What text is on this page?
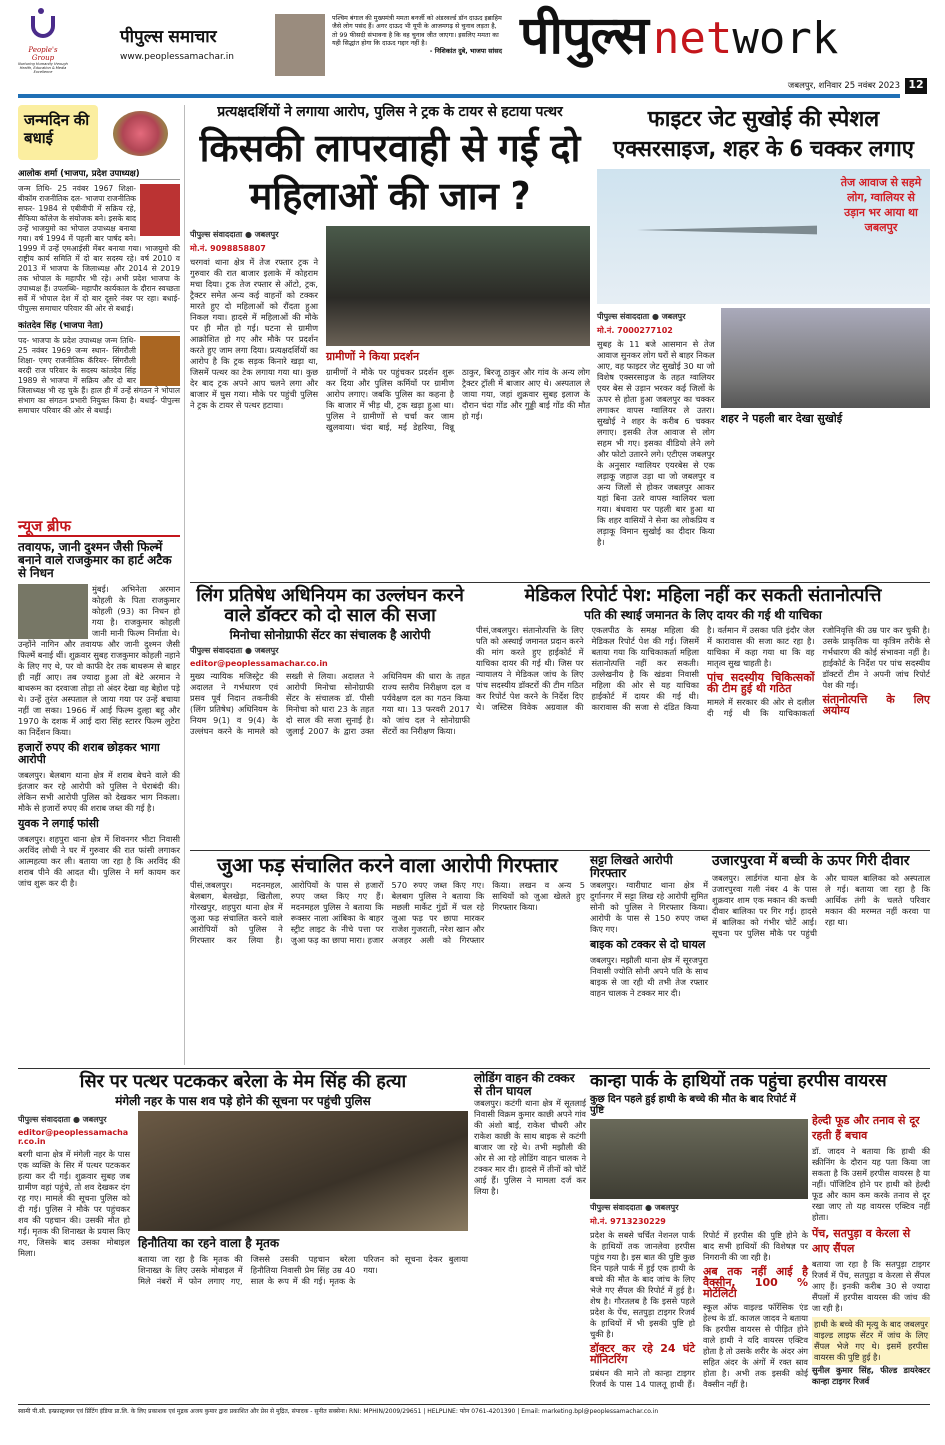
People's Group
Nurturing Humanity through Health, Education & Media Excellence
पीपुल्स समाचार
www.peoplessamachar.in
पश्चिम बंगाल की मुख्यमंत्री ममता बनर्जी को अंडरवर्ल्ड डॉन दाऊद इब्राहिम जैसे लोग पसंद हैं। अगर दाऊद भी यूपी के आजमगढ़ से चुनाव लड़ता है, तो 99 फीसदी संभावना है कि वह चुनाव जीत जाएगा। इसलिए ममता का यही सिद्धांत होगा कि दाऊद गद्दार नहीं है।
- निशिकांत दुबे, भाजपा सांसद पीपुल्स network
जबलपुर, शनिवार 25 नवंबर 2023 12
जन्मदिन की बधाई
आलोक शर्मा (भाजपा, प्रदेश उपाध्यक्ष)
जन्म तिथि- 25 नवंबर 1967 शिक्षा- बीकॉम राजनीतिक दल- भाजपा राजनीतिक सफर- 1984 से एबीवीपी में सक्रिय रहे, सैफिया कॉलेज के संयोजक बने। इसके बाद उन्हें भाजयुमो का भोपाल उपाध्यक्ष बनाया गया। वर्ष 1994 में पहली बार पार्षद बने। 1999 में उन्हें एमआईसी मेंबर बनाया गया। भाजयुमो की राष्ट्रीय कार्य समिति में दो बार सदस्य रहे। वर्ष 2010 व 2013 में भाजपा के जिलाध्यक्ष और 2014 से 2019 तक भोपाल के महापौर भी रहे। अभी प्रदेश भाजपा के उपाध्यक्ष हैं। उपलब्धि- महापौर कार्यकाल के दौरान स्वच्छता सर्वे में भोपाल देश में दो बार दूसरे नंबर पर रहा। बधाई- पीपुल्स समाचार परिवार की ओर से बधाई।
कांतदेव सिंह (भाजपा नेता)
पद- भाजपा के प्रदेश उपाध्यक्ष जन्म तिथि- 25 नवंबर 1969 जन्म स्थान- सिंगरौली शिक्षा- एमए राजनीतिक कॅरियर- सिंगरौली बरदी राज परिवार के सदस्य कांतदेव सिंह 1989 से भाजपा में सक्रिय और दो बार जिलाध्यक्ष भी रह चुके हैं। हाल ही में उन्हें संगठन ने भोपाल संभाग का संगठन प्रभारी नियुक्त किया है। बधाई- पीपुल्स समाचार परिवार की ओर से बधाई।
न्यूज ब्रीफ
तवायफ, जानी दुश्मन जैसी फिल्में बनाने वाले राजकुमार का हार्ट अटैक से निधन
मुंबई। अभिनेता अरमान कोहली के पिता राजकुमार कोहली (93) का निधन हो गया है। राजकुमार कोहली जानी मानी फिल्म निर्माता थे। उन्होंने नागिन और तवायफ और जानी दुश्मन जैसी फिल्में बनाई थीं। शुक्रवार सुबह राजकुमार कोहली नहाने के लिए गए थे, पर वो काफी देर तक बाथरूम से बाहर ही नहीं आए। तब ज्यादा हुआ तो बेटे अरमान ने बाथरूम का दरवाजा तोड़ा तो अंदर देखा वह बेहोश पड़े थे। उन्हें तुरंत अस्पताल ले जाया गया पर उन्हें बचाया नहीं जा सका। 1966 में आई फिल्म दुल्हा बहू और 1970 के दशक में आई दारा सिंह स्टारर फिल्म लुटेरा का निर्देशन किया।
हजारों रुपए की शराब छोड़कर भागा आरोपी
जबलपुर। बेलबाग थाना क्षेत्र में शराब बेचने वाले की इंतजार कर रहे आरोपी को पुलिस ने घेराबंदी की। लेकिन सभी आरोपी पुलिस को देखकर भाग निकला। मौके से हजारों रुपए की शराब जब्त की गई है।
युवक ने लगाई फांसी
जबलपुर। शहपुरा थाना क्षेत्र में शिवनगर भीटा निवासी अरविंद लोधी ने घर में गुरुवार की रात फांसी लगाकर आत्महत्या कर ली। बताया जा रहा है कि अरविंद की शराब पीने की आदत थी। पुलिस ने मर्ग कायम कर जांच शुरू कर दी है।
प्रत्यक्षदर्शियों ने लगाया आरोप, पुलिस ने ट्रक के टायर से हटाया पत्थर
किसकी लापरवाही से गई दो महिलाओं की जान ?
पीपुल्स संवाददाता ● जबलपुर
मो.नं. 9098858807
चरगवां थाना क्षेत्र में तेज रफ्तार ट्रक ने गुरुवार की रात बाजार इलाके में कोहराम मचा दिया। ट्रक तेज रफ्तार से ऑटो, ट्रक, ट्रैक्टर समेत अन्य कई वाहनों को टक्कर मारते हुए दो महिलाओं को रौंदता हुआ निकल गया। हादसे में महिलाओं की मौके पर ही मौत हो गई। घटना से ग्रामीण आक्रोशित हो गए और मौके पर प्रदर्शन करते हुए जाम लगा दिया। प्रत्यक्षदर्शियों का आरोप है कि ट्रक सड़क किनारे खड़ा था, जिसमें पत्थर का टेक लगाया गया था। कुछ देर बाद ट्रक अपने आप चलने लगा और बाजार में घुस गया। मौके पर पहुंची पुलिस ने ट्रक के टायर से पत्थर हटाया।
ग्रामीणों ने किया प्रदर्शन
ग्रामीणों ने मौके पर पहुंचकर प्रदर्शन शुरू कर दिया और पुलिस कर्मियों पर ग्रामीण आरोप लगाए। जबकि पुलिस का कहना है कि बाजार में भीड़ थी, ट्रक खड़ा हुआ था। पुलिस ने ग्रामीणों से चर्चा कर जाम खुलवाया। चंदा बाई, मई डेहरिया, विन्नू ठाकुर, बिरजू ठाकुर और गांव के अन्य लोग ट्रैक्टर ट्रॉली में बाजार आए थे। अस्पताल ले जाया गया, जहां शुक्रवार सुबह इलाज के दौरान चंदा गोंड और गुड्डी बाई गोंड की मौत हो गई।
फाइटर जेट सुखोई की स्पेशल एक्सरसाइज, शहर के 6 चक्कर लगाए
तेज आवाज से सहमे लोग, ग्वालियर से उड़ान भर आया था जबलपुर
पीपुल्स संवाददाता ● जबलपुर
मो.नं. 7000277102
सुबह के 11 बजे आसमान से तेज आवाज सुनकर लोग घरों से बाहर निकल आए, वह फाइटर जेट सुखोई 30 था जो विशेष एक्सरसाइज के तहत ग्वालियर एयर बेस से उड़ान भरकर कई जिलों के ऊपर से होता हुआ जबलपुर का चक्कर लगाकर वापस ग्वालियर ले उतरा। सुखोई ने शहर के करीब 6 चक्कर लगाए। इसकी तेज आवाज से लोग सहम भी गए। इसका वीडियो लेने लगे और फोटो उतारने लगे। एटीएस जबलपुर के अनुसार ग्वालियर एयरबेस से एक लड़ाकू जहाज उड़ा था जो जबलपुर व अन्य जिलों से होकर जबलपुर आकर यहां बिना उतरे वापस ग्वालियर चला गया। बंधवारा पर पहली बार हुआ था कि शहर वासियों ने सेना का लोकप्रिय व लड़ाकू विमान सुखोई का दीदार किया है।
शहर ने पहली बार देखा सुखोई
लिंग प्रतिषेध अधिनियम का उल्लंघन करने वाले डॉक्टर को दो साल की सजा
मिनोचा सोनोग्राफी सेंटर का संचालक है आरोपी
पीपुल्स संवाददाता ● जबलपुर
editor@peoplessamachar.co.in
मुख्य न्यायिक मजिस्ट्रेट की अदालत ने गर्भधारण एवं प्रसव पूर्व निदान तकनीकी (लिंग प्रतिषेध) अधिनियम के नियम 9(1) व 9(4) के उल्लंघन करने के मामले को सख्ती से लिया। अदालत ने आरोपी मिनोचा सोनोग्राफी सेंटर के संचालक डॉ. पीसी मिनोचा को धारा 23 के तहत दो साल की सजा सुनाई है। जुलाई 2007 के द्वारा उक्त अधिनियम की धारा के तहत राज्य स्तरीय निरीक्षण दल व पर्यवेक्षण दल का गठन किया गया था। 13 फरवरी 2017 को जांच दल ने सोनोग्राफी सेंटरों का निरीक्षण किया।
मेडिकल रिपोर्ट पेश: महिला नहीं कर सकती संतानोत्पत्ति
पति की स्थाई जमानत के लिए दायर की गई थी याचिका
पीसं,जबलपुर। संतानोत्पत्ति के लिए पति को अस्थाई जमानत प्रदान करने की मांग करते हुए हाईकोर्ट में याचिका दायर की गई थी। जिस पर न्यायालय ने मेडिकल जांच के लिए पांच सदस्यीय डॉक्टरों की टीम गठित कर रिपोर्ट पेश करने के निर्देश दिए थे। जस्टिस विवेक अग्रवाल की एकलपीठ के समक्ष महिला की मेडिकल रिपोर्ट पेश की गई। जिसमें बताया गया कि याचिकाकर्ता महिला संतानोत्पत्ति नहीं कर सकती। उल्लेखनीय है कि खंडवा निवासी महिला की ओर से यह याचिका हाईकोर्ट में दायर की गई थी। कारावास की सजा से दंडित किया है। वर्तमान में उसका पति इंदौर जेल में कारावास की सजा काट रहा है। याचिका में कहा गया था कि वह मातृत्व सुख चाहती है।
पांच सदस्यीय चिकित्सकों की टीम हुई थी गठित
मामले में सरकार की ओर से दलील दी गई थी कि याचिकाकर्ता रजोनिवृत्ति की उम्र पार कर चुकी है। उसके प्राकृतिक या कृत्रिम तरीके से गर्भधारण की कोई संभावना नहीं है। हाईकोर्ट के निर्देश पर पांच सदस्यीय डॉक्टरों टीम ने अपनी जांच रिपोर्ट पेश की गई।
संतानोत्पत्ति के लिए अयोग्य
जुआ फड़ संचालित करने वाला आरोपी गिरफ्तार
पीसं,जबलपुर। मदनमहल, बेलबाग, बेलखेड़ा, खितौला, गोरखपुर, शहपुरा थाना क्षेत्र में जुआ फड़ संचालित करने वाले आरोपियों को पुलिस ने गिरफ्तार कर लिया है। आरोपियों के पास से हजारों रुपए जब्त किए गए हैं। मदनमहल पुलिस ने बताया कि रूक्सर नाला आंबिका के बाहर स्ट्रीट लाइट के नीचे पत्ता पर जुआ फड़ का छापा मारा। हजार 570 रुपए जब्त किए गए। बेलबाग पुलिस ने बताया कि मछली मार्केट गुंडों में चल रहे जुआ फड़ पर छापा मारकर राजेश गुजराती, नरेश खान और अजहर अली को गिरफ्तार किया। लखन व अन्य 5 साथियों को जुआ खेलते हुए गिरफ्तार किया।
सट्टा लिखते आरोपी गिरफ्तार
जबलपुर। ग्वारीघाट थाना क्षेत्र में दुर्गानगर में सट्टा लिख रहे आरोपी सुमित सोनी को पुलिस ने गिरफ्तार किया। आरोपी के पास से 150 रुपए जब्त किए गए।
बाइक को टक्कर से दो घायल
जबलपुर। मझौली थाना क्षेत्र में सूरजपुरा निवासी ज्योति सोनी अपने पति के साथ बाइक से जा रही थी तभी तेज रफ्तार वाहन चालक ने टक्कर मार दी।
उजारपुरवा में बच्ची के ऊपर गिरी दीवार
जबलपुर। लार्डगंज थाना क्षेत्र के उजारपुरवा गली नंबर 4 के पास शुक्रवार शाम एक मकान की कच्ची दीवार बालिका पर गिर गई। हादसे में बालिका को गंभीर चोटें आई। सूचना पर पुलिस मौके पर पहुंची और घायल बालिका को अस्पताल ले गई। बताया जा रहा है कि आर्थिक तंगी के चलते परिवार मकान की मरम्मत नहीं करवा पा रहा था।
सिर पर पत्थर पटककर बरेला के मेम सिंह की हत्या
मंगेली नहर के पास शव पड़े होने की सूचना पर पहुंची पुलिस
पीपुल्स संवाददाता ● जबलपुर
editor@peoplessamachar.co.in
बरगी थाना क्षेत्र में मंगेली नहर के पास एक व्यक्ति के सिर में पत्थर पटककर हत्या कर दी गई। शुक्रवार सुबह जब ग्रामीण वहां पहुंचे, तो शव देखकर दंग रह गए। मामले की सूचना पुलिस को दी गई। पुलिस ने मौके पर पहुंचकर शव की पहचान की। उसकी मौत हो गई। मृतक की शिनाख्त के प्रयास किए गए, जिसके बाद उसका मोबाइल मिला।
हिनौतिया का रहने वाला है मृतक
बताया जा रहा है कि मृतक की शिनाख्त के लिए उसके मोबाइल में मिले नंबरों में फोन लगाए गए, जिससे उसकी पहचान बरेला हिनौतिया निवासी प्रेम सिंह उम्र 40 साल के रूप में की गई। मृतक के परिजन को सूचना देकर बुलाया गया।
लोडिंग वाहन की टक्कर से तीन घायल
जबलपुर। कटंगी थाना क्षेत्र में सूतलाई निवासी विक्रम कुमार काछी अपने गांव की अंशो बाई, राकेश चौधरी और राकेश काछी के साथ बाइक से कटंगी बाजार जा रहे थे। तभी मझौली की ओर से आ रहे लोडिंग वाहन चालक ने टक्कर मार दी। हादसे में तीनों को चोटें आई हैं। पुलिस ने मामला दर्ज कर लिया है।
कान्हा पार्क के हाथियों तक पहुंचा हरपीस वायरस
कुछ दिन पहले हुई हाथी के बच्चे की मौत के बाद रिपोर्ट में पुष्टि
पीपुल्स संवाददाता ● जबलपुर
मो.नं. 9713230229
प्रदेश के सबसे चर्चित नेशनल पार्क के हाथियों तक जानलेवा हरपीस पहुंच गया है। इस बात की पुष्टि कुछ दिन पहले पार्क में हुई एक हाथी के बच्चे की मौत के बाद जांच के लिए भेजे गए सैंपल की रिपोर्ट में हुई है। शेष है। गौरतलब है कि इससे पहले प्रदेश के पेंच, सतपुड़ा टाइगर रिजर्व के हाथियों में भी इसकी पुष्टि हो चुकी है।
डॉक्टर कर रहे 24 घंटे मॉनिटरिंग
प्रबंधन की माने तो कान्हा टाइगर रिजर्व के पास 14 पालतू हाथी हैं। रिपोर्ट में हरपीस की पुष्टि होने के बाद सभी हाथियों की विशेषज्ञ पर निगरानी की जा रही है।
अब तक नहीं आई है वैक्सीन, 100 % मोर्टेलिटी
स्कूल ऑफ वाइल्ड फॉरेंसिक एंड हेल्थ के डॉ. काजल जादव ने बताया कि हरपीस वायरस से पीड़ित होने वाले हाथी ने यदि वायरस एक्टिव होता है तो उसके शरीर के अंदर अंग सहित अंदर के अंगों में रक्त स्राव होता है। अभी तक इसकी कोई वैक्सीन नहीं है।
हेल्दी फूड और तनाव से दूर रहती हैं बचाव
डॉ. जादव ने बताया कि हाथी की स्क्रीनिंग के दौरान यह पता किया जा सकता है कि उसमें हरपीस वायरस है या नहीं। पॉजिटिव होने पर हाथी को हेल्दी फूड और काम कम करके तनाव से दूर रखा जाए तो यह वायरस एक्टिव नहीं होता।
पेंच, सतपुड़ा व केरला से आए सैंपल
बताया जा रहा है कि सतपुड़ा टाइगर रिजर्व में पेंच, सतपुड़ा व केरला से सैंपल आए हैं। इनकी करीब 30 से ज्यादा सैंपलों में हरपीस वायरस की जांच की जा रही है।
हाथी के बच्चे की मृत्यु के बाद जबलपुर वाइल्ड लाइफ सेंटर में जांच के लिए सैंपल भेजे गए थे। इसमें हरपीस वायरस की पुष्टि हुई है।
सुनील कुमार सिंह, फील्ड डायरेक्टर कान्हा टाइगर रिजर्व
स्वामी पी.सी. इन्फ्रास्ट्रक्चर एवं प्रिंटिंग इंडिया प्रा.लि. के लिए प्रकाशक एवं मुद्रक अजय कुमार द्वारा प्रकाशित और प्रेस से मुद्रित, संपादक - सुनीत सक्सेना। RNI: MPHIN/2009/29651 | HELPLINE: फोन 0761-4201390 | Email: marketing.bpl@peoplessamachar.co.in
